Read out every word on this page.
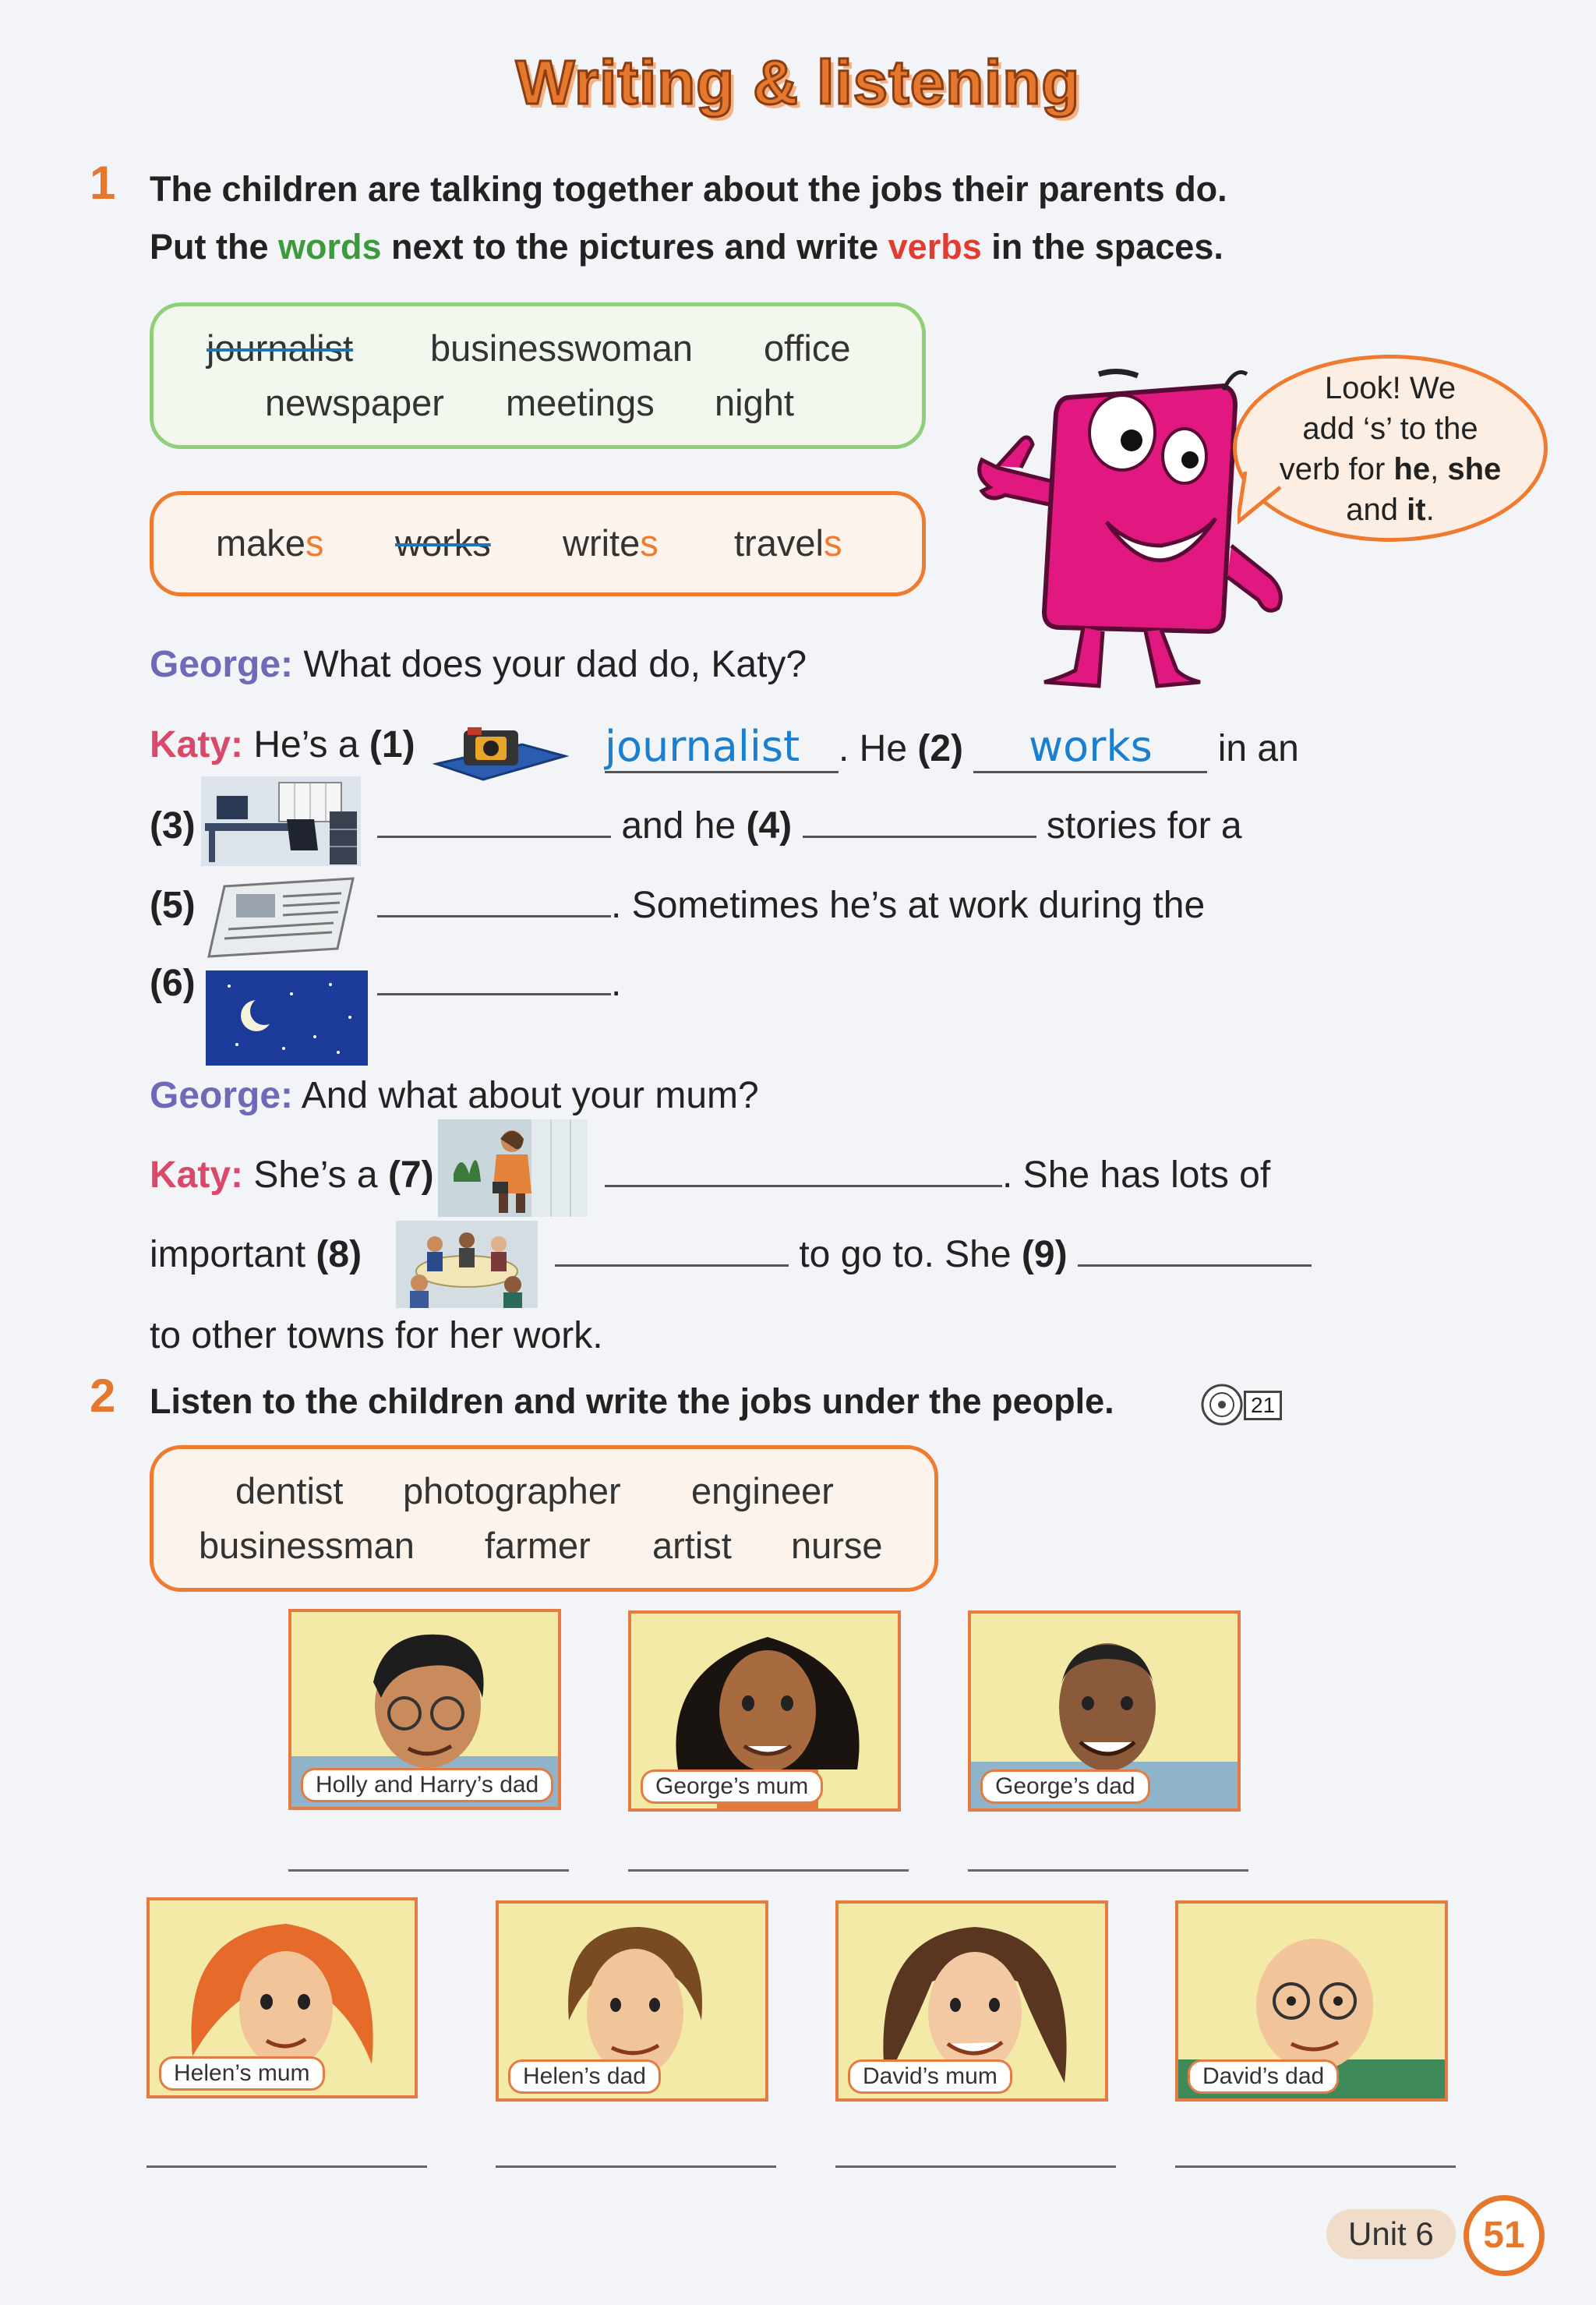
Writing & listening
1 The children are talking together about the jobs their parents do.
Put the words next to the pictures and write verbs in the spaces.
journalist businesswoman office
newspaper meetings night
makes works writes travels
Look! We
add ‘s’ to the
verb for he, she
and it.
George: What does your dad do, Katy?
Katy: He’s a (1)	journalist . He (2) works in an
(3)	and he (4)	stories for a
(5)	. Sometimes he’s at work during the
(6)	.
George: And what about your mum?
Katy: She’s a (7)	. She has lots of
important (8)	to go to. She (9)
to other towns for her work.
2 Listen to the children and write the jobs under the people.	21
dentist photographer engineer
businessman farmer artist nurse
Holly and Harry’s dad	George’s mum	George’s dad
Helen’s mum	Helen’s dad	David’s mum	David’s dad
Unit 6	51
